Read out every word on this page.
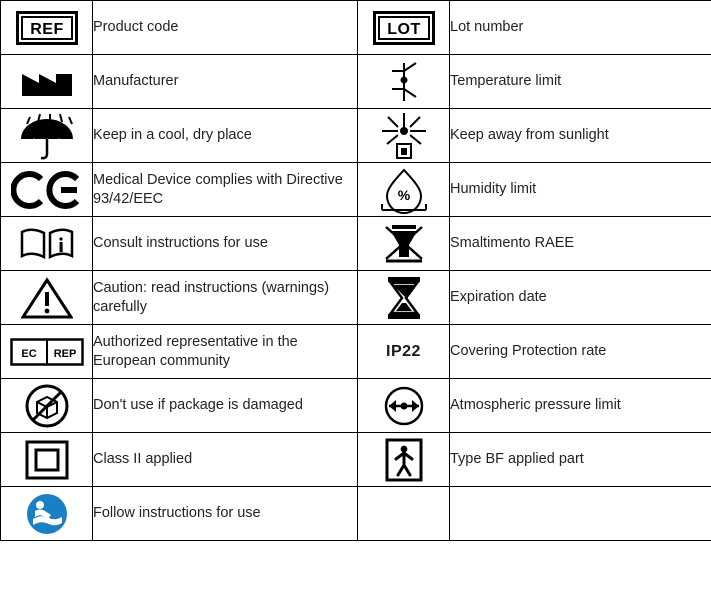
REF	Product code	LOT	Lot number

	Manufacturer		Temperature limit

	Keep in a cool, dry place		Keep away from sunlight

	Medical Device complies with Directive 93/42/EEC	%	Humidity limit

	Consult instructions for use		Smaltimento RAEE

	Caution: read instructions (warnings) carefully		Expiration date

EC REP	Authorized representative in the European community	IP22	Covering Protection rate

	Don't use if package is damaged		Atmospheric pressure limit

	Class II applied		Type BF applied part

	Follow instructions for use	
